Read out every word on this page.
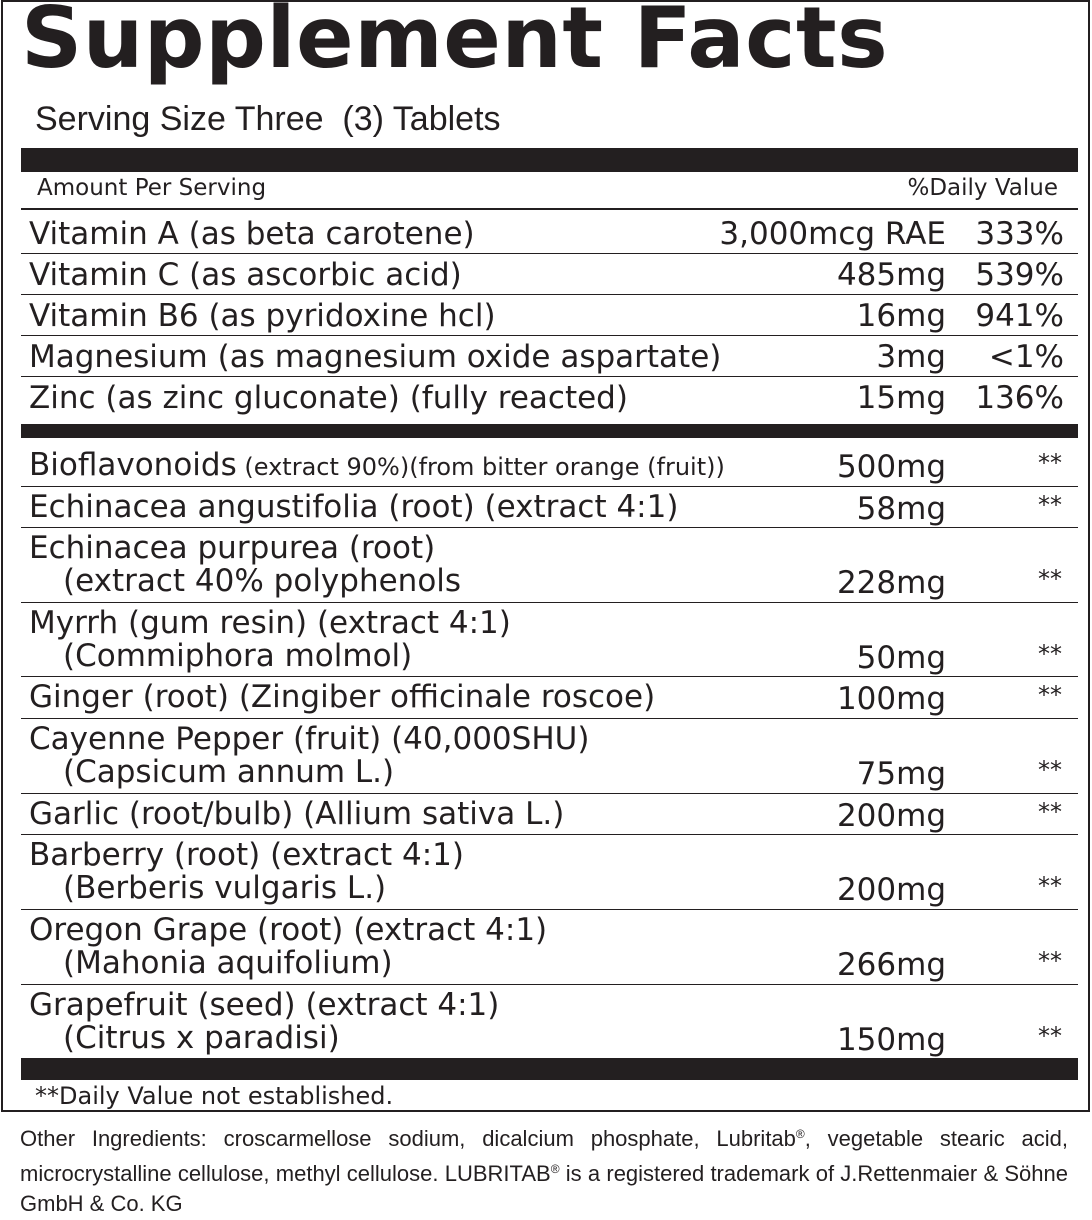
Supplement Facts
Serving Size Three  (3) Tablets
Amount Per Serving	%Daily Value
Vitamin A (as beta carotene)	3,000mcg RAE 333%
Vitamin C (as ascorbic acid)	485mg 539%
Vitamin B6 (as pyridoxine hcl)	16mg 941%
Magnesium (as magnesium oxide aspartate)	3mg <1%
Zinc (as zinc gluconate) (fully reacted)	15mg 136%
Bioflavonoids (extract 90%)(from bitter orange (fruit))	500mg	**
Echinacea angustifolia (root) (extract 4:1)	58mg	**
Echinacea purpurea (root)
(extract 40% polyphenols	228mg	**
Myrrh (gum resin) (extract 4:1)
(Commiphora molmol)	50mg	**
Ginger (root) (Zingiber officinale roscoe)	100mg	**
Cayenne Pepper (fruit) (40,000SHU)
(Capsicum annum L.)	75mg	**
Garlic (root/bulb) (Allium sativa L.)	200mg	**
Barberry (root) (extract 4:1)
(Berberis vulgaris L.)	200mg	**
Oregon Grape (root) (extract 4:1)
(Mahonia aquifolium)	266mg	**
Grapefruit (seed) (extract 4:1)
(Citrus x paradisi)	150mg	**
**Daily Value not established.
Other Ingredients: croscarmellose sodium, dicalcium phosphate, Lubritab®, vegetable stearic acid, microcrystalline cellulose, methyl cellulose. LUBRITAB® is a registered trademark of J.Rettenmaier & Söhne GmbH & Co. KG
